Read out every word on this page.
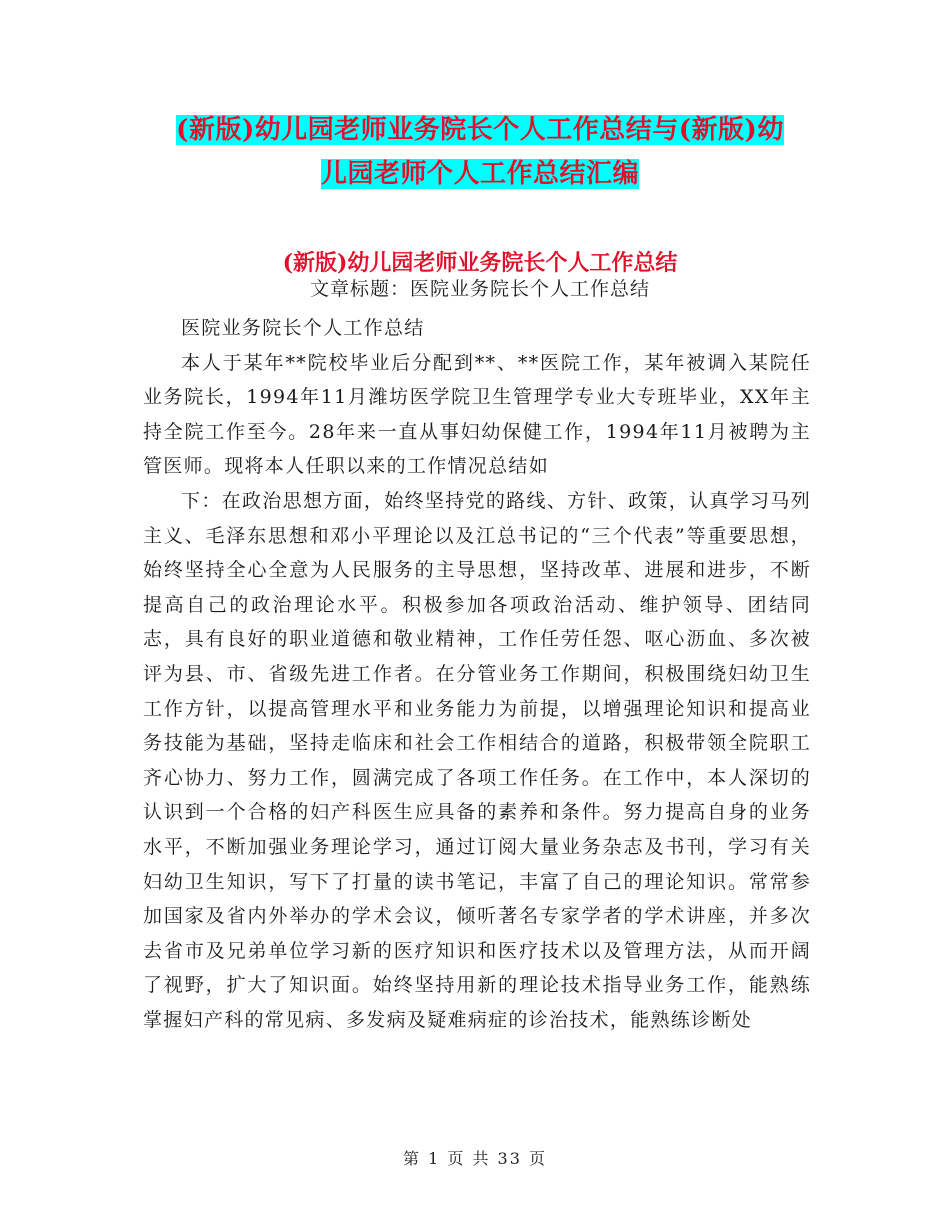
(新版)幼儿园老师业务院长个人工作总结与(新版)幼
儿园老师个人工作总结汇编
(新版)幼儿园老师业务院长个人工作总结
文章标题：医院业务院长个人工作总结

医院业务院长个人工作总结

本人于某年**院校毕业后分配到**、**医院工作，某年被调入某院任业务院长，1994年11月潍坊医学院卫生管理学专业大专班毕业，XX年主持全院工作至今。28年来一直从事妇幼保健工作，1994年11月被聘为主管医师。现将本人任职以来的工作情况总结如

下：在政治思想方面，始终坚持党的路线、方针、政策，认真学习马列主义、毛泽东思想和邓小平理论以及江总书记的“三个代表”等重要思想，始终坚持全心全意为人民服务的主导思想，坚持改革、进展和进步，不断提高自己的政治理论水平。积极参加各项政治活动、维护领导、团结同志，具有良好的职业道德和敬业精神，工作任劳任怨、呕心沥血、多次被评为县、市、省级先进工作者。在分管业务工作期间，积极围绕妇幼卫生工作方针，以提高管理水平和业务能力为前提，以增强理论知识和提高业务技能为基础，坚持走临床和社会工作相结合的道路，积极带领全院职工齐心协力、努力工作，圆满完成了各项工作任务。在工作中，本人深切的认识到一个合格的妇产科医生应具备的素养和条件。努力提高自身的业务水平，不断加强业务理论学习，通过订阅大量业务杂志及书刊，学习有关妇幼卫生知识，写下了打量的读书笔记，丰富了自己的理论知识。常常参加国家及省内外举办的学术会议，倾听著名专家学者的学术讲座，并多次去省市及兄弟单位学习新的医疗知识和医疗技术以及管理方法，从而开阔了视野，扩大了知识面。始终坚持用新的理论技术指导业务工作，能熟练掌握妇产科的常见病、多发病及疑难病症的诊治技术，能熟练诊断处

第 1 页 共 33 页
